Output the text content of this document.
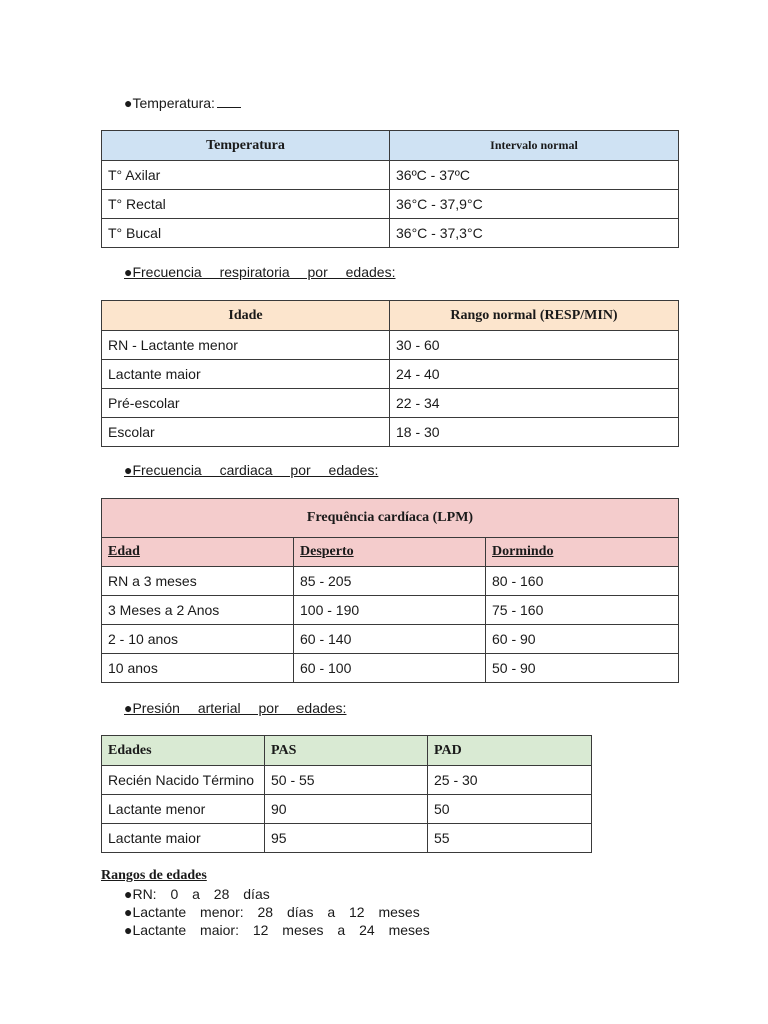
●Temperatura:

Temperatura	Intervalo normal
T° Axilar	36ºC - 37ºC
T° Rectal	36°C - 37,9°C
T° Bucal	36°C - 37,3°C

●Frecuencia respiratoria por edades:

Idade	Rango normal (RESP/MIN)
RN - Lactante menor	30 - 60
Lactante maior	24 - 40
Pré-escolar	22 - 34
Escolar	18 - 30

●Frecuencia cardiaca por edades:

Frequência cardíaca (LPM)		
Edad	Desperto	Dormindo
RN a 3 meses	85 - 205	80 - 160
3 Meses a 2 Anos	100 - 190	75 - 160
2 - 10 anos	60 - 140	60 - 90
10 anos	60 - 100	50 - 90

●Presión arterial por edades:

Edades	PAS	PAD
Recién Nacido Término	50 - 55	25 - 30
Lactante menor	90	50
Lactante maior	95	55

Rangos de edades

●RN: 0 a 28 días
●Lactante menor: 28 días a 12 meses
●Lactante maior: 12 meses a 24 meses
